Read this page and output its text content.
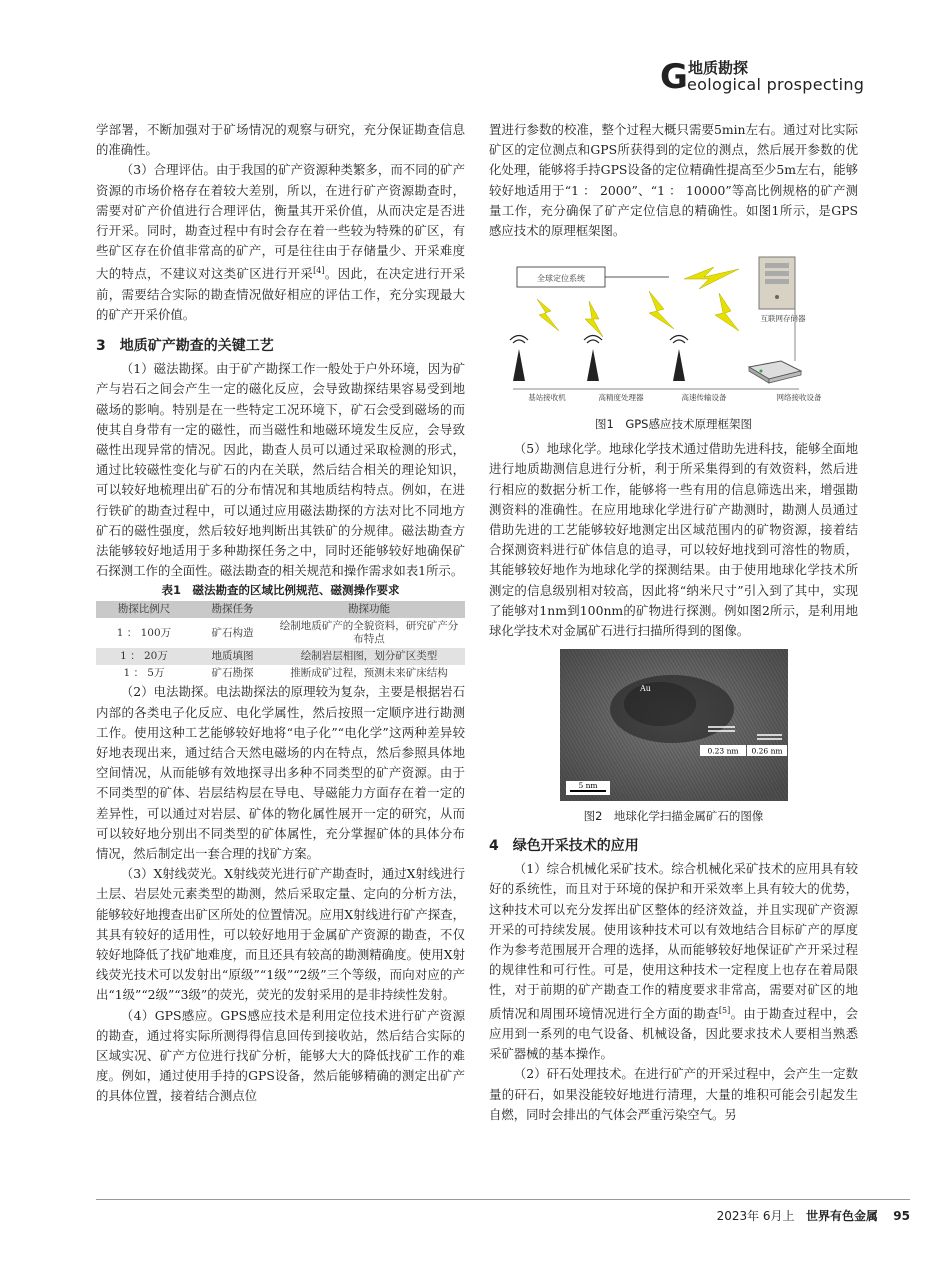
G 地质勘探
eological prospecting

学部署，不断加强对于矿场情况的观察与研究，充分保证勘查信息的准确性。

（3）合理评估。由于我国的矿产资源种类繁多，而不同的矿产资源的市场价格存在着较大差别，所以，在进行矿产资源勘查时，需要对矿产价值进行合理评估，衡量其开采价值，从而决定是否进行开采。同时，勘查过程中有时会存在着一些较为特殊的矿区，有些矿区存在价值非常高的矿产，可是往往由于存储量少、开采难度大的特点，不建议对这类矿区进行开采[4]。因此，在决定进行开采前，需要结合实际的勘查情况做好相应的评估工作，充分实现最大的矿产开采价值。

3　地质矿产勘查的关键工艺

（1）磁法勘探。由于矿产勘探工作一般处于户外环境，因为矿产与岩石之间会产生一定的磁化反应，会导致勘探结果容易受到地磁场的影响。特别是在一些特定工况环境下，矿石会受到磁场的而使其自身带有一定的磁性，而当磁性和地磁环境发生反应，会导致磁性出现异常的情况。因此，勘查人员可以通过采取检测的形式，通过比较磁性变化与矿石的内在关联，然后结合相关的理论知识，可以较好地梳理出矿石的分布情况和其地质结构特点。例如，在进行铁矿的勘查过程中，可以通过应用磁法勘探的方法对比不同地方矿石的磁性强度，然后较好地判断出其铁矿的分规律。磁法勘查方法能够较好地适用于多种勘探任务之中，同时还能够较好地确保矿石探测工作的全面性。磁法勘查的相关规范和操作需求如表1所示。

表1　磁法勘查的区域比例规范、磁测操作要求
勘探比例尺	勘探任务	勘探功能
1 ： 100万	矿石构造	绘制地质矿产的全貌资料，研究矿产分布特点
1 ： 20万	地质填图	绘制岩层相图，划分矿区类型
1 ： 5万	矿石勘探	推断成矿过程，预测未来矿床结构

（2）电法勘探。电法勘探法的原理较为复杂，主要是根据岩石内部的各类电子化反应、电化学属性，然后按照一定顺序进行勘测工作。使用这种工艺能够较好地将“电子化”“电化学”这两种差异较好地表现出来，通过结合天然电磁场的内在特点，然后参照具体地空间情况，从而能够有效地探寻出多种不同类型的矿产资源。由于不同类型的矿体、岩层结构层在导电、导磁能力方面存在着一定的差异性，可以通过对岩层、矿体的物化属性展开一定的研究，从而可以较好地分别出不同类型的矿体属性，充分掌握矿体的具体分布情况，然后制定出一套合理的找矿方案。

（3）X射线荧光。X射线荧光进行矿产勘查时，通过X射线进行土层、岩层处元素类型的勘测，然后采取定量、定向的分析方法，能够较好地搜查出矿区所处的位置情况。应用X射线进行矿产探查，其具有较好的适用性，可以较好地用于金属矿产资源的勘查，不仅较好地降低了找矿地难度，而且还具有较高的勘测精确度。使用X射线荧光技术可以发射出“原级”“1级”“2级”三个等级，而向对应的产出“1级”“2级”“3级”的荧光，荧光的发射采用的是非持续性发射。

（4）GPS感应。GPS感应技术是利用定位技术进行矿产资源的勘查，通过将实际所测得得信息回传到接收站，然后结合实际的区域实况、矿产方位进行找矿分析，能够大大的降低找矿工作的难度。例如，通过使用手持的GPS设备，然后能够精确的测定出矿产的具体位置，接着结合测点位

置进行参数的校准，整个过程大概只需要5min左右。通过对比实际矿区的定位测点和GPS所获得到的定位的测点，然后展开参数的优化处理，能够将手持GPS设备的定位精确性提高至少5m左右，能够较好地适用于“1 ： 2000”、“1 ： 10000”等高比例规格的矿产测量工作，充分确保了矿产定位信息的精确性。如图1所示，是GPS感应技术的原理框架图。

全球定位系统
互联网存储器
基站接收机	高精度处理器	高速传输设备	网络接收设备
图1　GPS感应技术原理框架图

（5）地球化学。地球化学技术通过借助先进科技，能够全面地进行地质勘测信息进行分析，利于所采集得到的有效资料，然后进行相应的数据分析工作，能够将一些有用的信息筛选出来，增强勘测资料的准确性。在应用地球化学进行矿产勘测时，勘测人员通过借助先进的工艺能够较好地测定出区域范围内的矿物资源，接着结合探测资料进行矿体信息的追寻，可以较好地找到可溶性的物质，其能够较好地作为地球化学的探测结果。由于使用地球化学技术所测定的信息级别相对较高，因此将“纳米尺寸”引入到了其中，实现了能够对1nm到100nm的矿物进行探测。例如图2所示，是利用地球化学技术对金属矿石进行扫描所得到的图像。

Au
0.23 nm 0.26 nm
5 nm
图2　地球化学扫描金属矿石的图像
4　绿色开采技术的应用

（1）综合机械化采矿技术。综合机械化采矿技术的应用具有较好的系统性，而且对于环境的保护和开采效率上具有较大的优势，这种技术可以充分发挥出矿区整体的经济效益，并且实现矿产资源开采的可持续发展。使用该种技术可以有效地结合目标矿产的厚度作为参考范围展开合理的选择，从而能够较好地保证矿产开采过程的规律性和可行性。可是，使用这种技术一定程度上也存在着局限性，对于前期的矿产勘查工作的精度要求非常高，需要对矿区的地质情况和周围环境情况进行全方面的勘查[5]。由于勘查过程中，会应用到一系列的电气设备、机械设备，因此要求技术人要相当熟悉采矿器械的基本操作。

（2）矸石处理技术。在进行矿产的开采过程中，会产生一定数量的矸石，如果没能较好地进行清理，大量的堆积可能会引起发生自燃，同时会排出的气体会严重污染空气。另

2023年 6月上 世界有色金属 95
